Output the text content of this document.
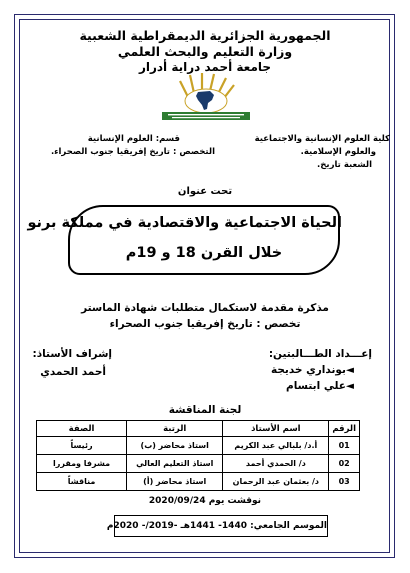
الجمهورية الجزائرية الديمقراطية الشعبية
وزارة التعليم والبحث العلمي
جامعة أحمد دراية أدرار
كلية العلوم الإنسانية والاجتماعية
والعلوم الإسلامية.
الشعبة تاريخ.
قسم: العلوم الإنسانية
التخصص : تاريخ إفريقيا جنوب الصحراء.
تحت عنوان
الحياة الاجتماعية والاقتصادية في مملكة برنو
خلال القرن 18 و 19م
مذكرة مقدمة لاستكمال متطلبات شهادة الماستر
تخصص : تاريخ إفريقيا جنوب الصحراء
إعـــداد الطـــالبتين:
◄بونداري خديجة
◄علي ابتسام
إشراف الأستاذ:
أحمد الحمدي
لجنة المناقشة
الرقم	اسم الأستاذ	الرتبة	الصفة
01	أ.د/ بلبالي عبد الكريم	استاذ محاضر (ب)	رئيساً
02	د/ الحمدي أحمد	استاذ التعليم العالي	مشرفا ومقررا
03	د/ بعثمان عبد الرحمان	استاذ محاضر (أ)	مناقشاً
نوقشت يوم 2020/09/24
الموسم الجامعي: 1440- 1441هـ -2019/- 2020م
